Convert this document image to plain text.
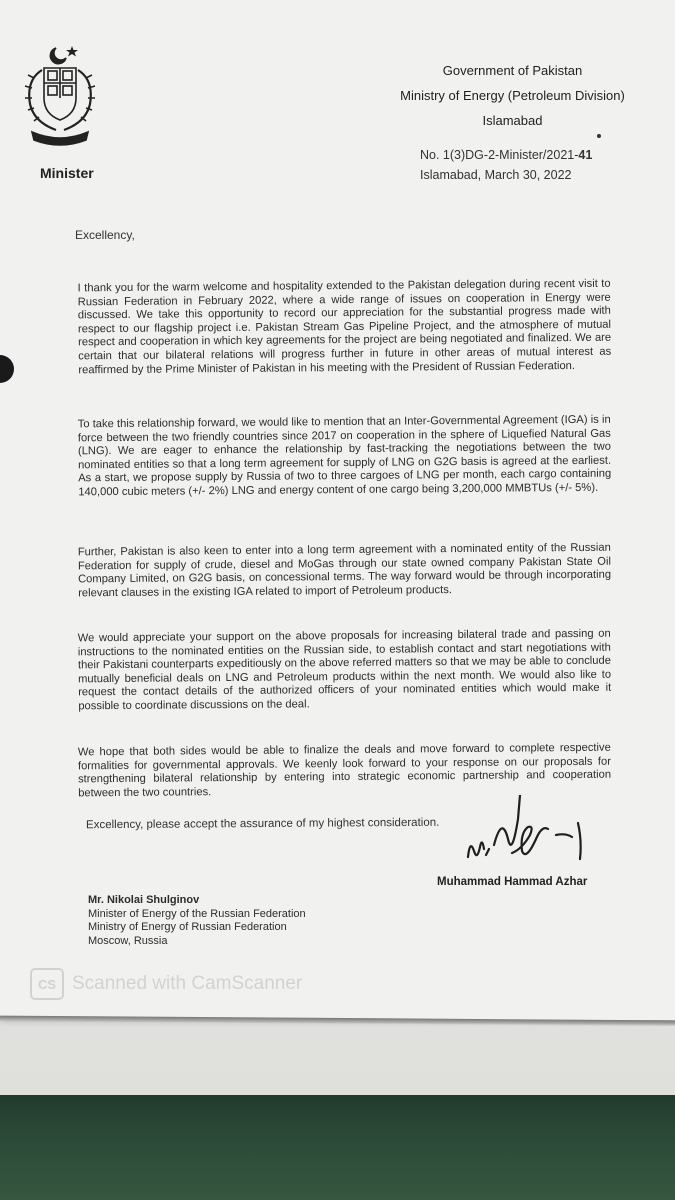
Minister
Government of Pakistan
Ministry of Energy (Petroleum Division)
Islamabad
No. 1(3)DG-2-Minister/2021-41
Islamabad, March 30, 2022
Excellency,
I thank you for the warm welcome and hospitality extended to the Pakistan delegation during recent visit to Russian Federation in February 2022, where a wide range of issues on cooperation in Energy were discussed. We take this opportunity to record our appreciation for the substantial progress made with respect to our flagship project i.e. Pakistan Stream Gas Pipeline Project, and the atmosphere of mutual respect and cooperation in which key agreements for the project are being negotiated and finalized. We are certain that our bilateral relations will progress further in future in other areas of mutual interest as reaffirmed by the Prime Minister of Pakistan in his meeting with the President of Russian Federation.
To take this relationship forward, we would like to mention that an Inter-Governmental Agreement (IGA) is in force between the two friendly countries since 2017 on cooperation in the sphere of Liquefied Natural Gas (LNG). We are eager to enhance the relationship by fast-tracking the negotiations between the two nominated entities so that a long term agreement for supply of LNG on G2G basis is agreed at the earliest. As a start, we propose supply by Russia of two to three cargoes of LNG per month, each cargo containing 140,000 cubic meters (+/- 2%) LNG and energy content of one cargo being 3,200,000 MMBTUs (+/- 5%).
Further, Pakistan is also keen to enter into a long term agreement with a nominated entity of the Russian Federation for supply of crude, diesel and MoGas through our state owned company Pakistan State Oil Company Limited, on G2G basis, on concessional terms. The way forward would be through incorporating relevant clauses in the existing IGA related to import of Petroleum products.
We would appreciate your support on the above proposals for increasing bilateral trade and passing on instructions to the nominated entities on the Russian side, to establish contact and start negotiations with their Pakistani counterparts expeditiously on the above referred matters so that we may be able to conclude mutually beneficial deals on LNG and Petroleum products within the next month. We would also like to request the contact details of the authorized officers of your nominated entities which would make it possible to coordinate discussions on the deal.
We hope that both sides would be able to finalize the deals and move forward to complete respective formalities for governmental approvals. We keenly look forward to your response on our proposals for strengthening bilateral relationship by entering into strategic economic partnership and cooperation between the two countries.
Excellency, please accept the assurance of my highest consideration.
Muhammad Hammad Azhar
Mr. Nikolai Shulginov
Minister of Energy of the Russian Federation
Ministry of Energy of Russian Federation
Moscow, Russia
CS Scanned with CamScanner
